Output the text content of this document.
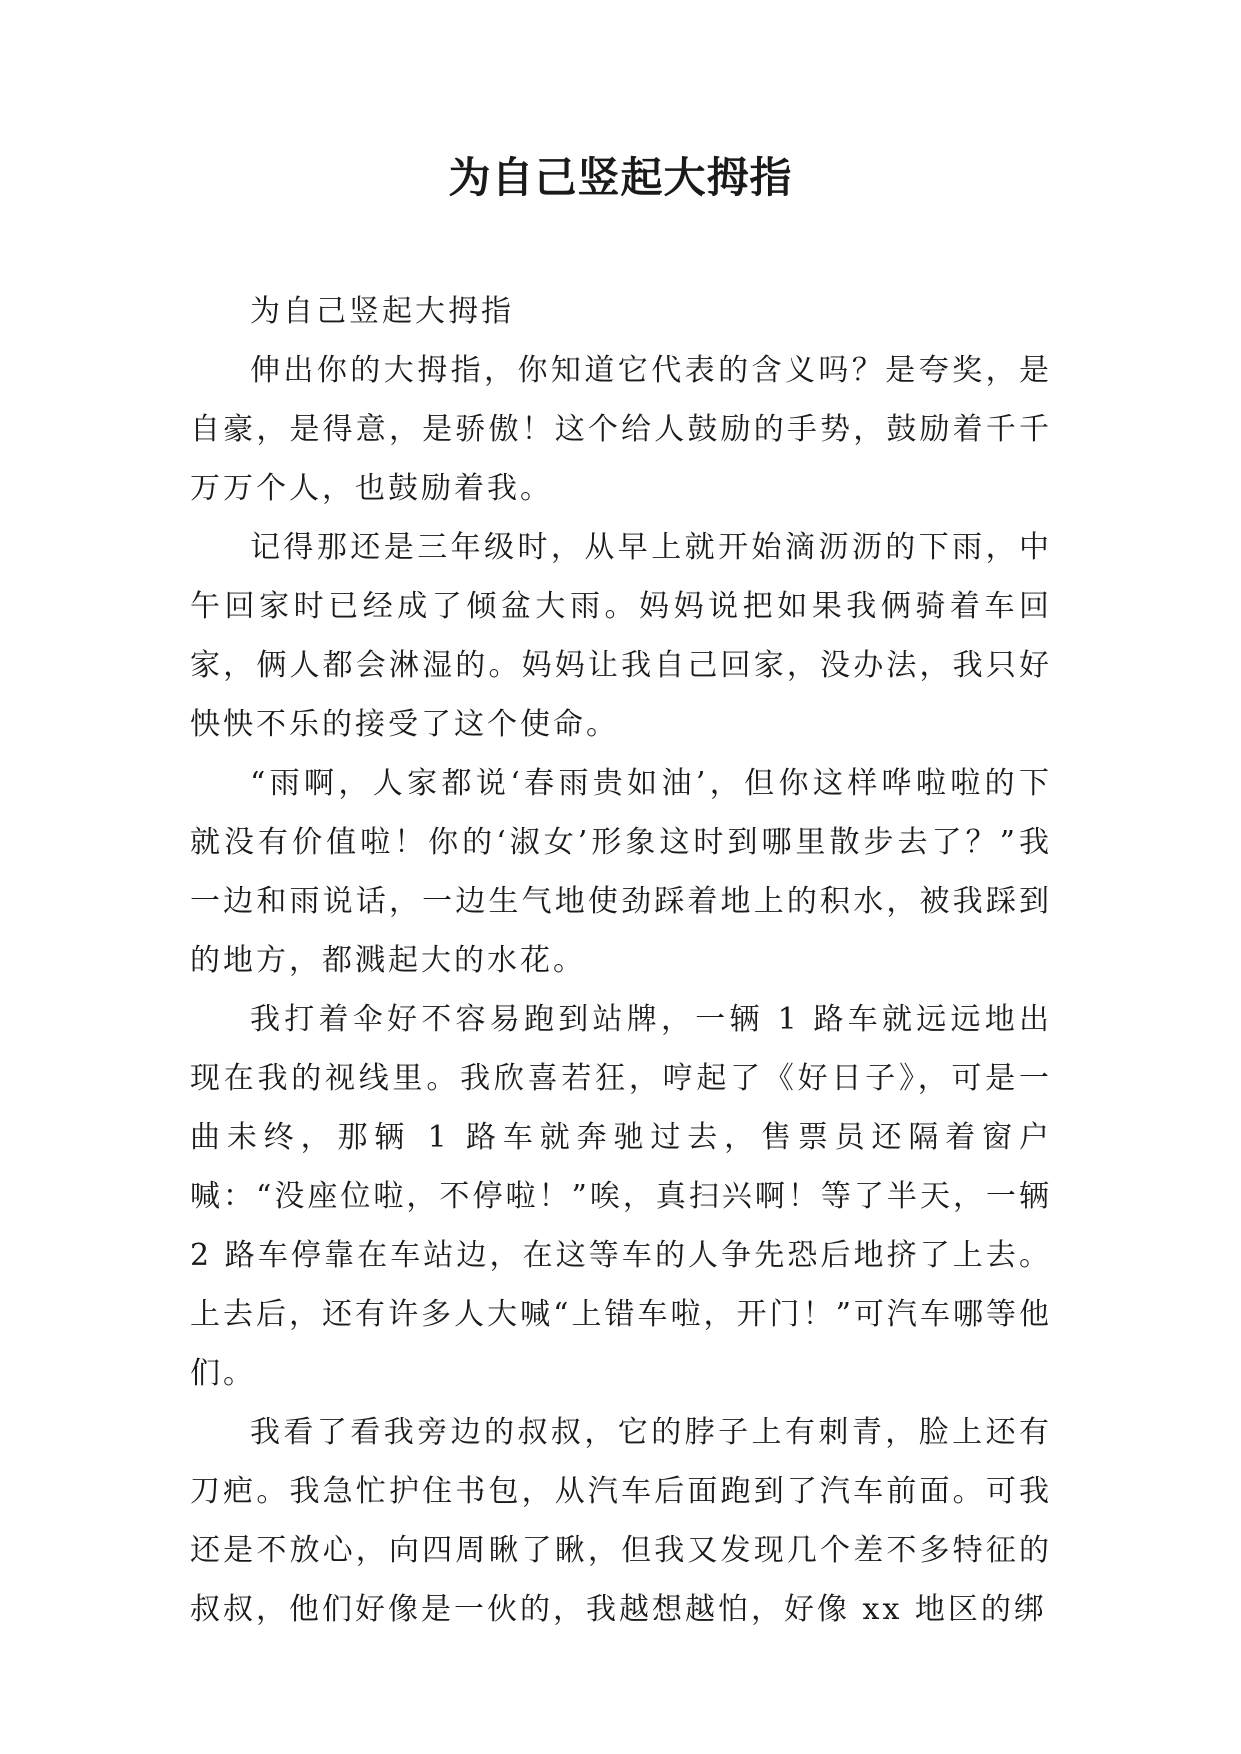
为自己竖起大拇指

为自己竖起大拇指

伸出你的大拇指，你知道它代表的含义吗？是夸奖，是自豪，是得意，是骄傲！这个给人鼓励的手势，鼓励着千千万万个人，也鼓励着我。

记得那还是三年级时，从早上就开始滴沥沥的下雨，中午回家时已经成了倾盆大雨。妈妈说把如果我俩骑着车回家，俩人都会淋湿的。妈妈让我自己回家，没办法，我只好怏怏不乐的接受了这个使命。

“雨啊，人家都说‘春雨贵如油’，但你这样哗啦啦的下就没有价值啦！你的‘淑女’形象这时到哪里散步去了？”我一边和雨说话，一边生气地使劲踩着地上的积水，被我踩到的地方，都溅起大的水花。

我打着伞好不容易跑到站牌，一辆 1 路车就远远地出现在我的视线里。我欣喜若狂，哼起了《好日子》，可是一曲未终，那辆 1 路车就奔驰过去，售票员还隔着窗户喊：“没座位啦，不停啦！”唉，真扫兴啊！等了半天，一辆 2 路车停靠在车站边，在这等车的人争先恐后地挤了上去。上去后，还有许多人大喊“上错车啦，开门！”可汽车哪等他们。

我看了看我旁边的叔叔，它的脖子上有刺青，脸上还有刀疤。我急忙护住书包，从汽车后面跑到了汽车前面。可我还是不放心，向四周瞅了瞅，但我又发现几个差不多特征的叔叔，他们好像是一伙的，我越想越怕，好像 xx 地区的绑
